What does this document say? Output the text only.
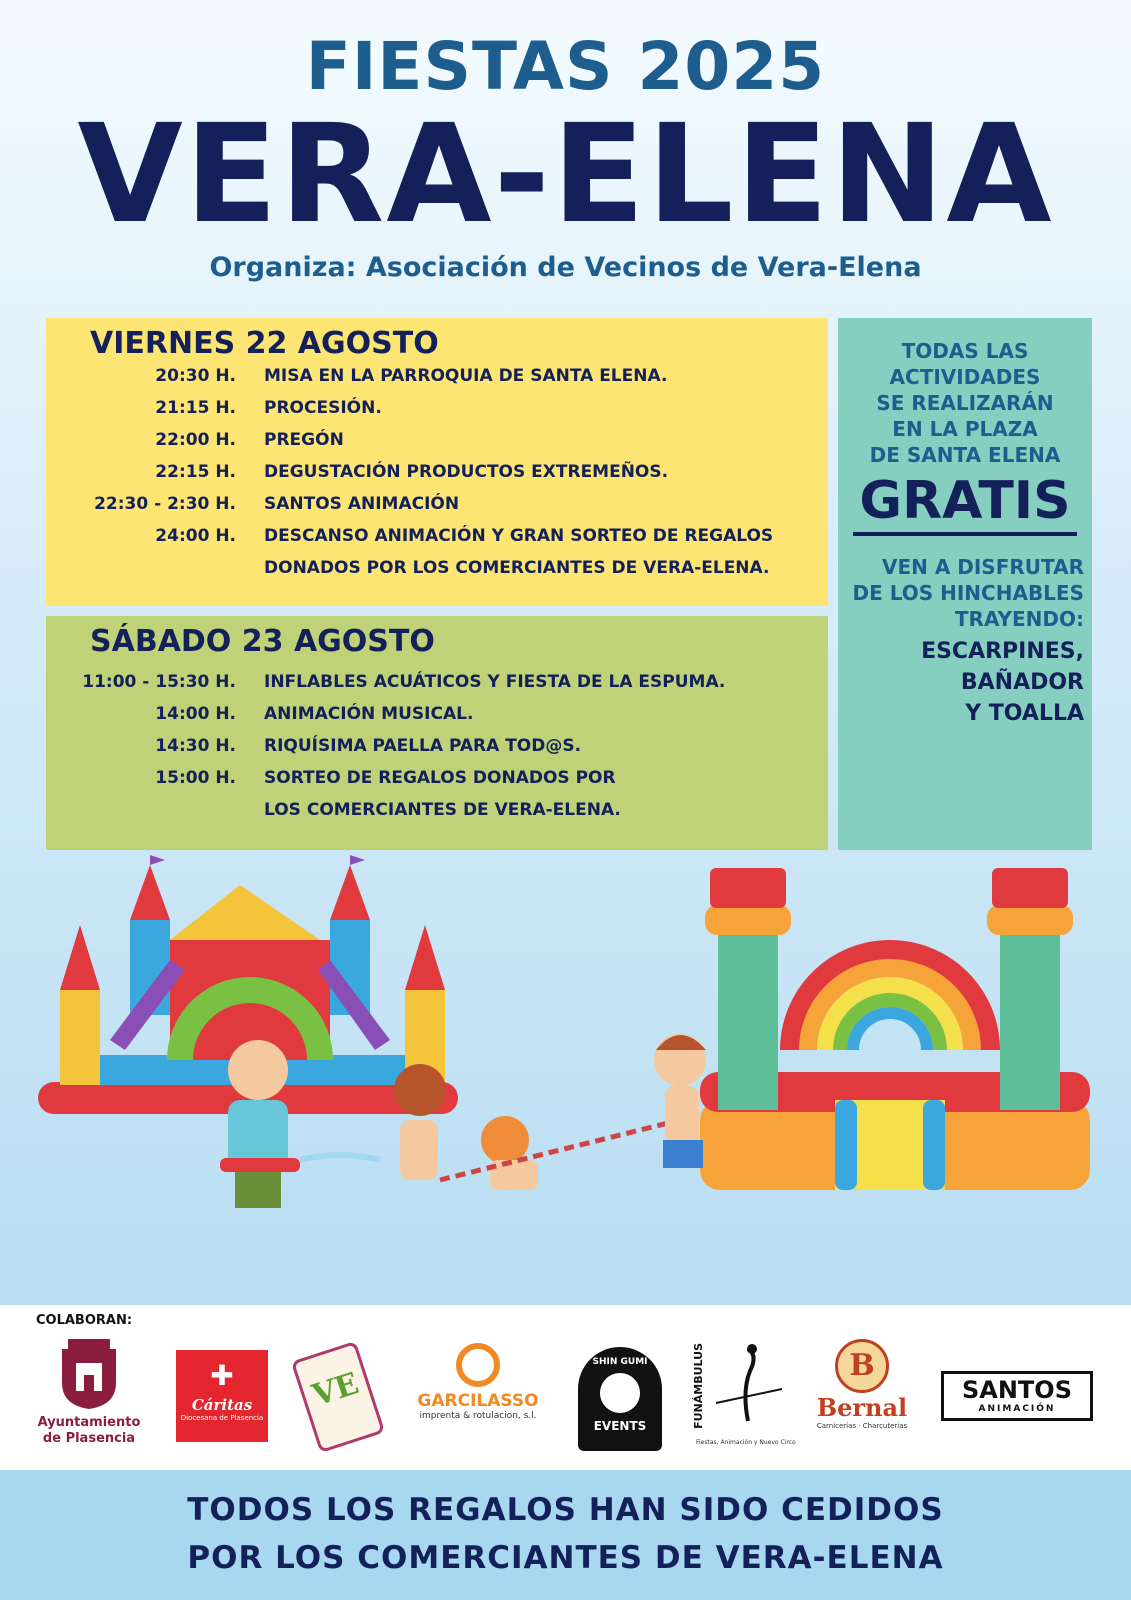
FIESTAS 2025
VERA-ELENA
Organiza: Asociación de Vecinos de Vera-Elena
VIERNES 22 AGOSTO
20:30 H. MISA EN LA PARROQUIA DE SANTA ELENA.
21:15 H. PROCESIÓN.
22:00 H. PREGÓN
22:15 H. DEGUSTACIÓN PRODUCTOS EXTREMEÑOS.
22:30 - 2:30 H. SANTOS ANIMACIÓN
24:00 H. DESCANSO ANIMACIÓN Y GRAN SORTEO DE REGALOS
DONADOS POR LOS COMERCIANTES DE VERA-ELENA.
SÁBADO 23 AGOSTO
11:00 - 15:30 H. INFLABLES ACUÁTICOS Y FIESTA DE LA ESPUMA.
14:00 H. ANIMACIÓN MUSICAL.
14:30 H. RIQUÍSIMA PAELLA PARA TOD@S.
15:00 H. SORTEO DE REGALOS DONADOS POR
LOS COMERCIANTES DE VERA-ELENA.
TODAS LAS
ACTIVIDADES
SE REALIZARÁN
EN LA PLAZA
DE SANTA ELENA
GRATIS
VEN A DISFRUTAR
DE LOS HINCHABLES
TRAYENDO:
ESCARPINES,
BAÑADOR
Y TOALLA
COLABORAN:
Ayuntamiento
de Plasencia
✚
Cáritas
Diocesana de Plasencia
VE	GARCILASSO
imprenta & rotulacion, s.l.
SHIN GUMI
EVENTS	FUNÁMBULUS
Fiestas, Animación y Nuevo Circo
B
Bernal
Carnicerías · Charcuterías
SANTOS
ANIMACIÓN
TODOS LOS REGALOS HAN SIDO CEDIDOS
POR LOS COMERCIANTES DE VERA-ELENA
